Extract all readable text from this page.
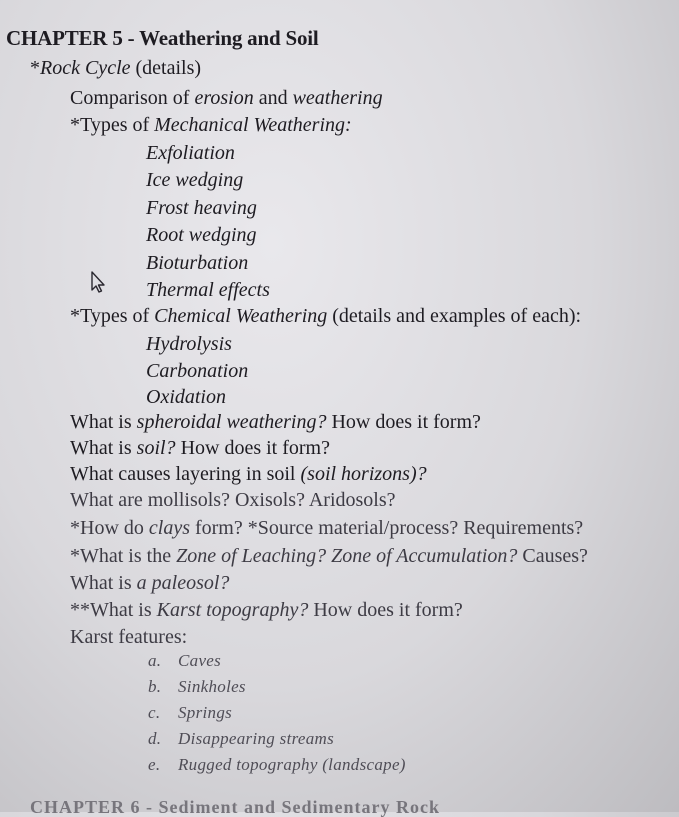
CHAPTER 5 - Weathering and Soil
*Rock Cycle (details)
Comparison of erosion and weathering
*Types of Mechanical Weathering:
Exfoliation
Ice wedging
Frost heaving
Root wedging
Bioturbation
Thermal effects
*Types of Chemical Weathering (details and examples of each):
Hydrolysis
Carbonation
Oxidation
What is spheroidal weathering? How does it form?
What is soil? How does it form?
What causes layering in soil (soil horizons)?
What are mollisols? Oxisols? Aridosols?
*How do clays form? *Source material/process? Requirements?
*What is the Zone of Leaching? Zone of Accumulation? Causes?
What is a paleosol?
**What is Karst topography? How does it form?
Karst features:
a. Caves
b. Sinkholes
c. Springs
d. Disappearing streams
e. Rugged topography (landscape)
CHAPTER 6 - Sediment and Sedimentary Rock
